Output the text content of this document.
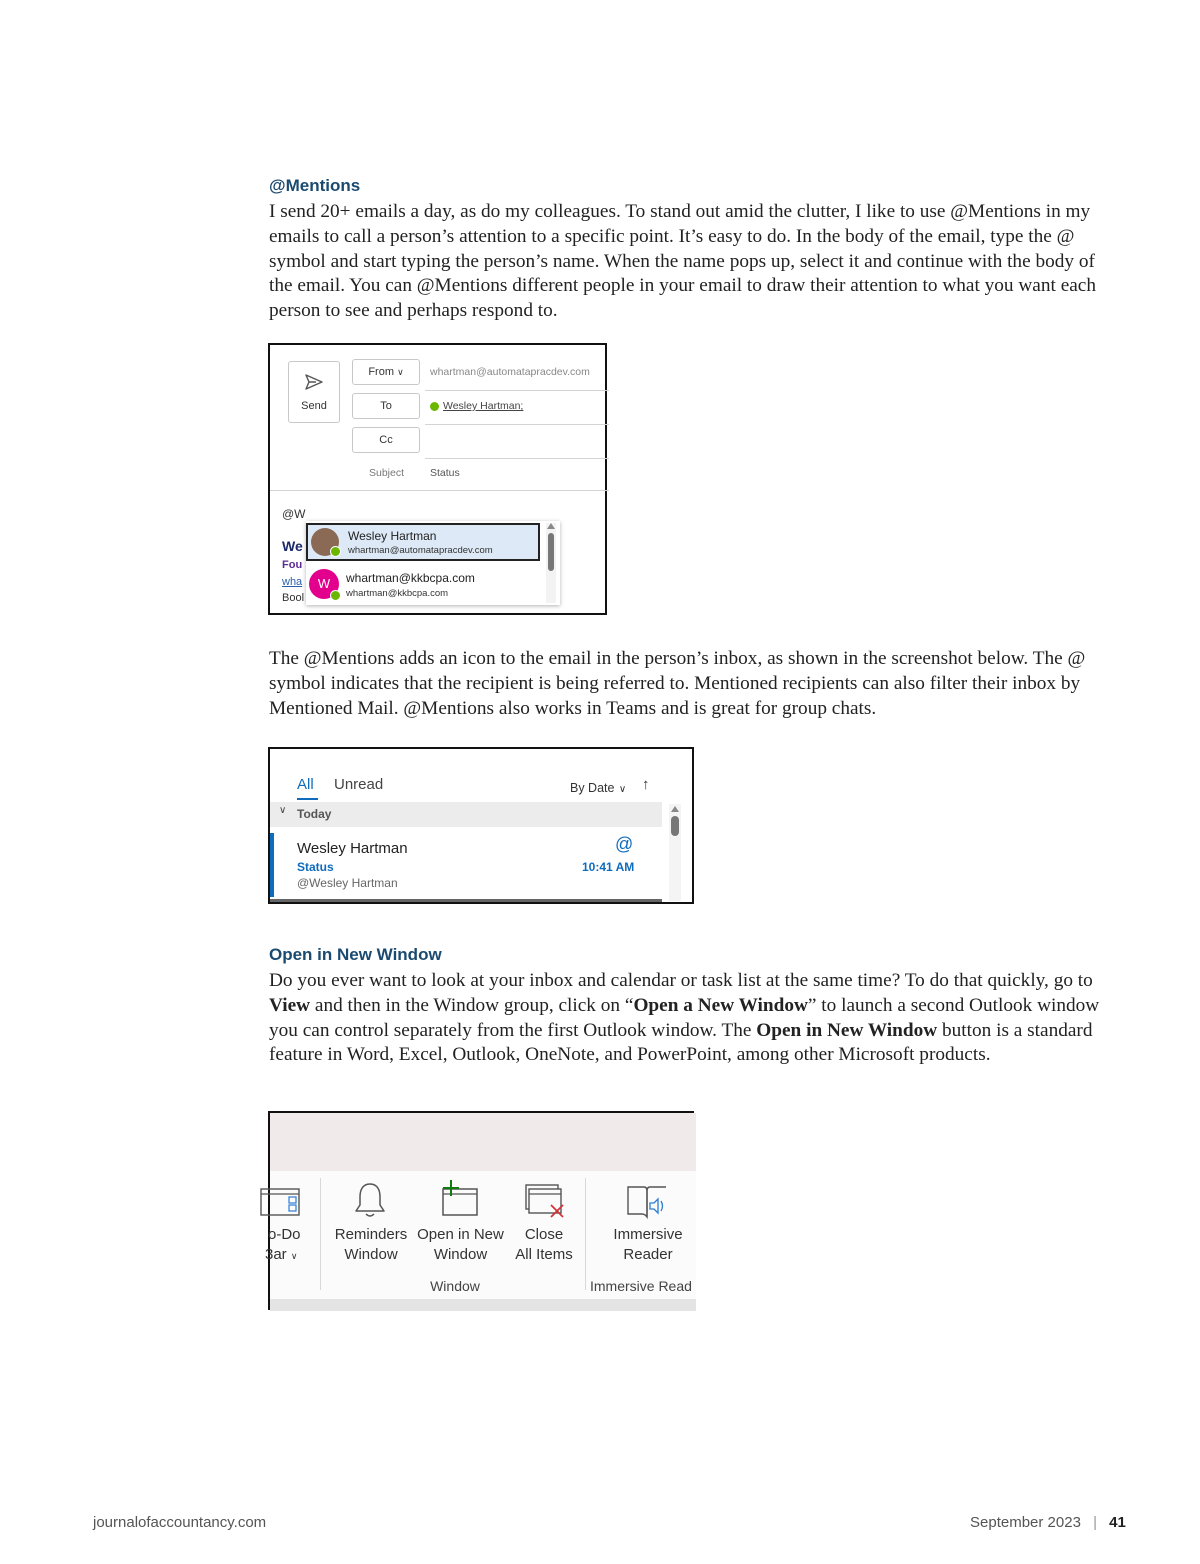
@Mentions

I send 20+ emails a day, as do my colleagues. To stand out amid the clutter, I like to use @Mentions in my emails to call a person’s attention to a specific point. It’s easy to do. In the body of the email, type the @ symbol and start typing the person’s name. When the name pops up, select it and continue with the body of the email. You can @Mentions different people in your email to draw their attention to what you want each person to see and perhaps respond to.

Send
From ∨	whartman@automatapracdev.com
To	Wesley Hartman;
Cc
Subject Status
@W
We
Fou
wha
Bool
Wesley Hartman
whartman@automatapracdev.com
W	whartman@kkbcpa.com
whartman@kkbcpa.com

The @Mentions adds an icon to the email in the person’s inbox, as shown in the screenshot below. The @ symbol indicates that the recipient is being referred to. Mentioned recipients can also filter their inbox by Mentioned Mail. @Mentions also works in Teams and is great for group chats.

All Unread	By Date ∨ ↑
∨ Today
Wesley Hartman
Status
@Wesley Hartman
@
10:41 AM
Open in New Window

Do you ever want to look at your inbox and calendar or task list at the same time? To do that quickly, go to View and then in the Window group, click on “Open a New Window” to launch a second Outlook window you can control separately from the first Outlook window. The Open in New Window button is a standard feature in Word, Excel, Outlook, OneNote, and PowerPoint, among other Microsoft products.

o-Do
3ar ∨
Reminders
Window
Open in New
Window
Close
All Items
Window
Immersive
Reader
Immersive Read
journalofaccountancy.com	September 2023 | 41
